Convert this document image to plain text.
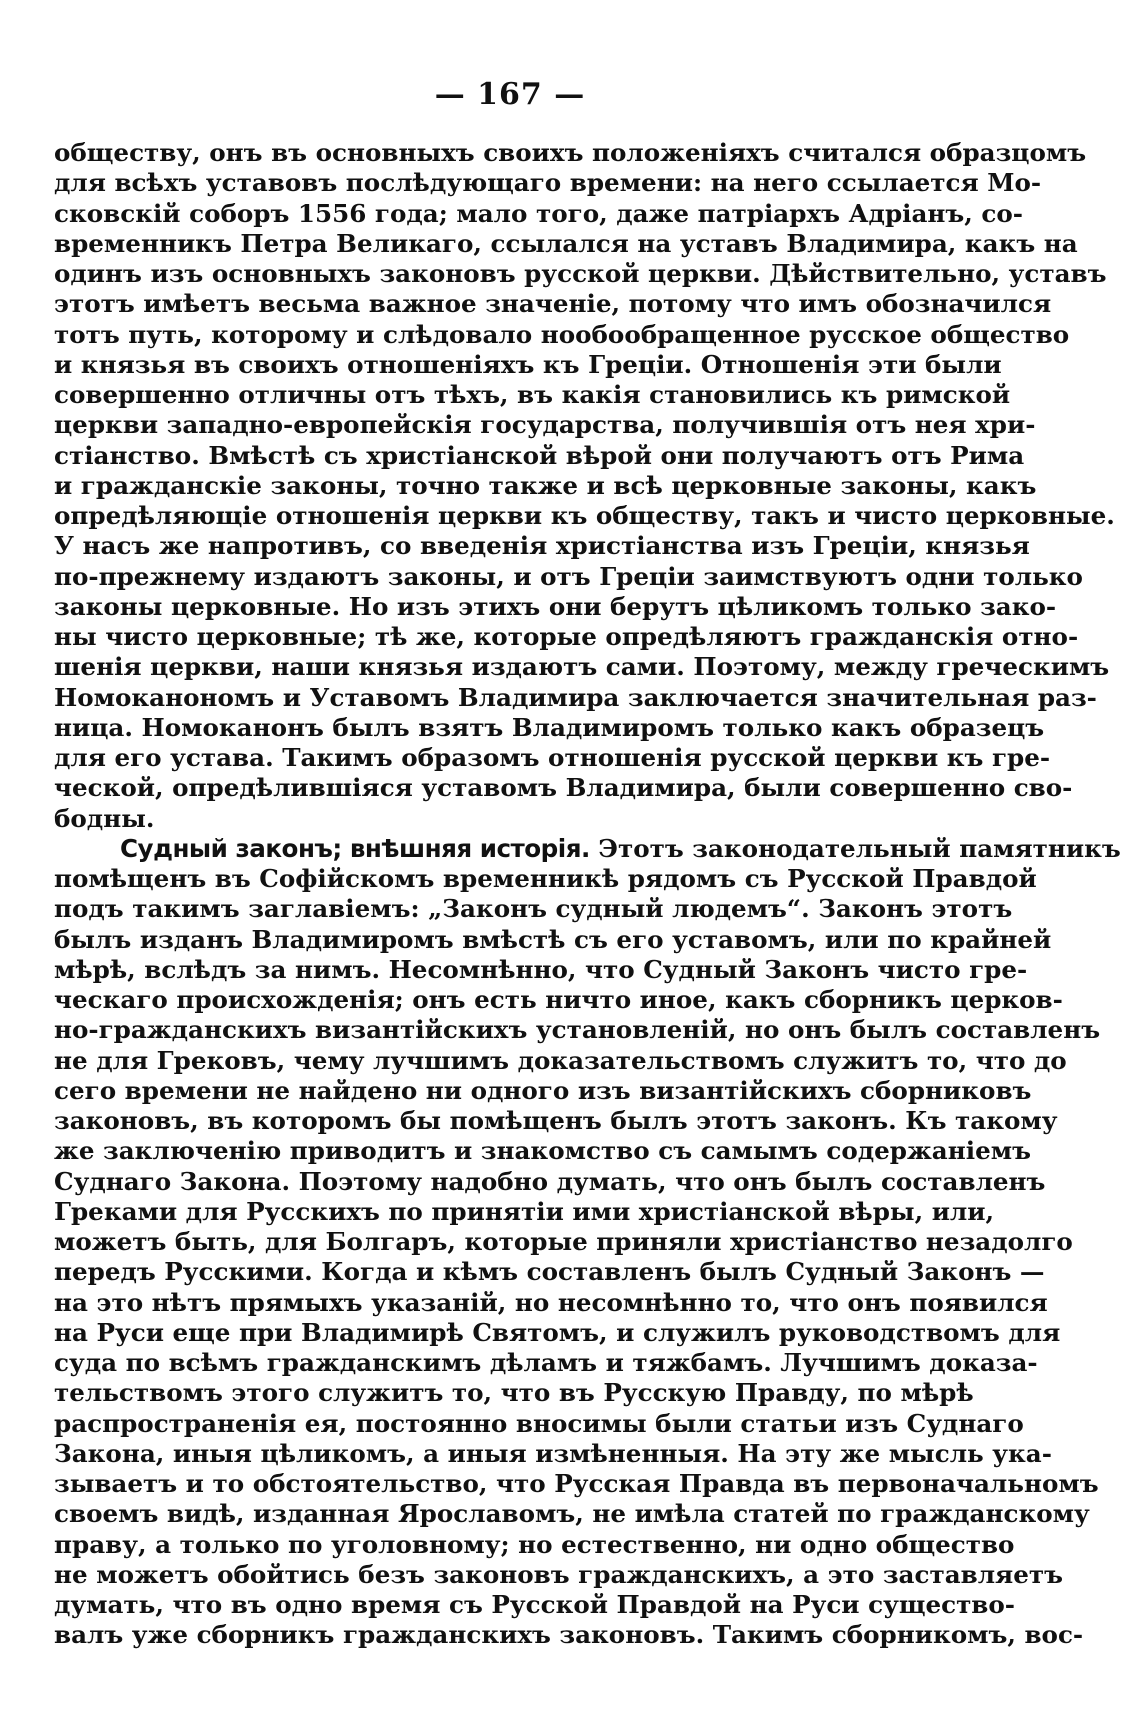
— 167 —
обществу, онъ въ основныхъ своихъ положеніяхъ считался образцомъ
для всѣхъ уставовъ послѣдующаго времени: на него ссылается Мо-
сковскій соборъ 1556 года; мало того, даже патріархъ Адріанъ, со-
временникъ Петра Великаго, ссылался на уставъ Владимира, какъ на
одинъ изъ основныхъ законовъ русской церкви. Дѣйствительно, уставъ
этотъ имѣетъ весьма важное значеніе, потому что имъ обозначился
тотъ путь, которому и слѣдовало нообообращенное русское общество
и князья въ своихъ отношеніяхъ къ Греціи. Отношенія эти были
совершенно отличны отъ тѣхъ, въ какія становились къ римской
церкви западно-европейскія государства, получившія отъ нея хри-
стіанство. Вмѣстѣ съ христіанской вѣрой они получаютъ отъ Рима
и гражданскіе законы, точно также и всѣ церковные законы, какъ
опредѣляющіе отношенія церкви къ обществу, такъ и чисто церковные.
У насъ же напротивъ, со введенія христіанства изъ Греціи, князья
по-прежнему издаютъ законы, и отъ Греціи заимствуютъ одни только
законы церковные. Но изъ этихъ они берутъ цѣликомъ только зако-
ны чисто церковные; тѣ же, которые опредѣляютъ гражданскія отно-
шенія церкви, наши князья издаютъ сами. Поэтому, между греческимъ
Номоканономъ и Уставомъ Владимира заключается значительная раз-
ница. Номоканонъ былъ взятъ Владимиромъ только какъ образецъ
для его устава. Такимъ образомъ отношенія русской церкви къ гре-
ческой, опредѣлившіяся уставомъ Владимира, были совершенно сво-
бодны.
Судный законъ; внѣшняя исторія. Этотъ законодательный памятникъ
помѣщенъ въ Софійскомъ временникѣ рядомъ съ Русской Правдой
подъ такимъ заглавіемъ: „Законъ судный людемъ“. Законъ этотъ
былъ изданъ Владимиромъ вмѣстѣ съ его уставомъ, или по крайней
мѣрѣ, вслѣдъ за нимъ. Несомнѣнно, что Судный Законъ чисто гре-
ческаго происхожденія; онъ есть ничто иное, какъ сборникъ церков-
но-гражданскихъ византійскихъ установленій, но онъ былъ составленъ
не для Грековъ, чему лучшимъ доказательствомъ служитъ то, что до
сего времени не найдено ни одного изъ византійскихъ сборниковъ
законовъ, въ которомъ бы помѣщенъ былъ этотъ законъ. Къ такому
же заключенію приводитъ и знакомство съ самымъ содержаніемъ
Суднаго Закона. Поэтому надобно думать, что онъ былъ составленъ
Греками для Русскихъ по принятіи ими христіанской вѣры, или,
можетъ быть, для Болгаръ, которые приняли христіанство незадолго
передъ Русскими. Когда и кѣмъ составленъ былъ Судный Законъ —
на это нѣтъ прямыхъ указаній, но несомнѣнно то, что онъ появился
на Руси еще при Владимирѣ Святомъ, и служилъ руководствомъ для
суда по всѣмъ гражданскимъ дѣламъ и тяжбамъ. Лучшимъ доказа-
тельствомъ этого служитъ то, что въ Русскую Правду, по мѣрѣ
распространенія ея, постоянно вносимы были статьи изъ Суднаго
Закона, иныя цѣликомъ, а иныя измѣненныя. На эту же мысль ука-
зываетъ и то обстоятельство, что Русская Правда въ первоначальномъ
своемъ видѣ, изданная Ярославомъ, не имѣла статей по гражданскому
праву, а только по уголовному; но естественно, ни одно общество
не можетъ обойтись безъ законовъ гражданскихъ, а это заставляетъ
думать, что въ одно время съ Русской Правдой на Руси существо-
валъ уже сборникъ гражданскихъ законовъ. Такимъ сборникомъ, вос-
